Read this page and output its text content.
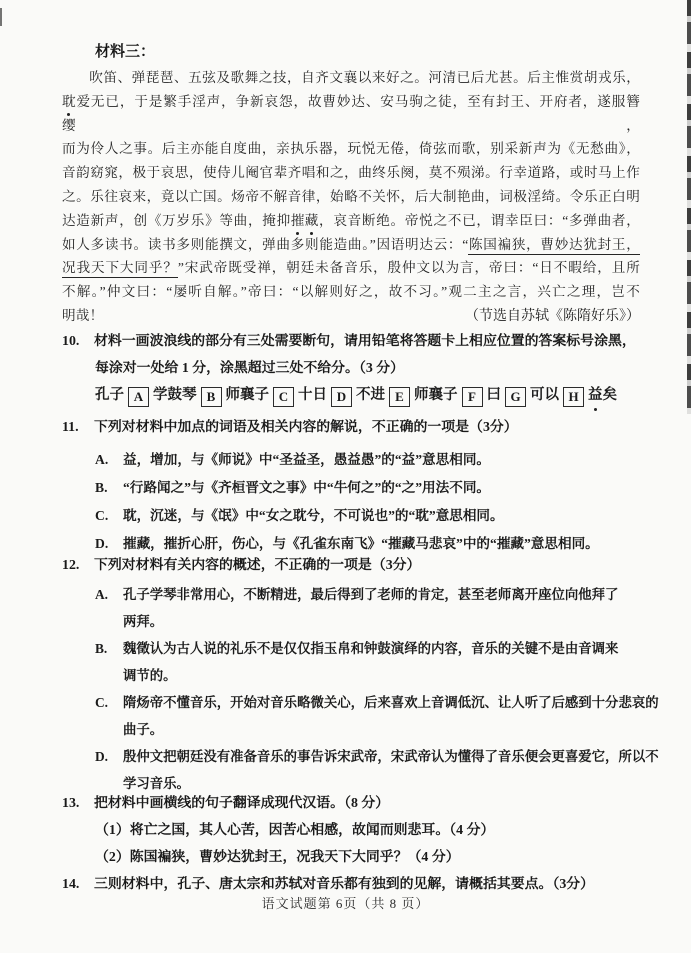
材料三：
吹笛、弹琵琶、五弦及歌舞之技，自齐文襄以来好之。河清已后尤甚。后主惟赏胡戎乐，
耽爱无已，于是繁手淫声，争新哀怨，故曹妙达、安马驹之徒，至有封王、开府者，遂服簪缨，
而为伶人之事。后主亦能自度曲，亲执乐器，玩悦无倦，倚弦而歌，别采新声为《无愁曲》，
音韵窈窕，极于哀思，使侍儿阉官辈齐唱和之，曲终乐阕，莫不殒涕。行幸道路，或时马上作
之。乐往哀来，竟以亡国。炀帝不解音律，始略不关怀，后大制艳曲，词极淫绮。令乐正白明
达造新声，创《万岁乐》等曲，掩抑摧藏，哀音断绝。帝悦之不已，谓幸臣曰：“多弹曲者，
如人多读书。读书多则能撰文，弹曲多则能造曲。”因语明达云：“陈国褊狭，曹妙达犹封王，
况我天下大同乎？”宋武帝既受禅，朝廷未备音乐，殷仲文以为言，帝曰：“日不暇给，且所
不解。”仲文曰：“屡听自解。”帝曰：“以解则好之，故不习。”观二主之言，兴亡之理，岂不
明哉！	（节选自苏轼《陈隋好乐》）
10. 材料一画波浪线的部分有三处需要断句，请用铅笔将答题卡上相应位置的答案标号涂黑，
每涂对一处给 1 分，涂黑超过三处不给分。（3 分）
孔子 A 学鼓琴 B 师襄子 C 十日 D 不进 E 师襄子 F 曰 G 可以 H 益矣
11. 下列对材料中加点的词语及相关内容的解说，不正确的一项是（3分）
A. 益，增加，与《师说》中“圣益圣，愚益愚”的“益”意思相同。
B. “行路闻之”与《齐桓晋文之事》中“牛何之”的“之”用法不同。
C. 耽，沉迷，与《氓》中“女之耽兮，不可说也”的“耽”意思相同。
D. 摧藏，摧折心肝，伤心，与《孔雀东南飞》“摧藏马悲哀”中的“摧藏”意思相同。
12. 下列对材料有关内容的概述，不正确的一项是（3分）
A. 孔子学琴非常用心，不断精进，最后得到了老师的肯定，甚至老师离开座位向他拜了
两拜。
B. 魏徵认为古人说的礼乐不是仅仅指玉帛和钟鼓演绎的内容，音乐的关键不是由音调来
调节的。
C. 隋炀帝不懂音乐，开始对音乐略微关心，后来喜欢上音调低沉、让人听了后感到十分悲哀的
曲子。
D. 殷仲文把朝廷没有准备音乐的事告诉宋武帝，宋武帝认为懂得了音乐便会更喜爱它，所以不
学习音乐。
13. 把材料中画横线的句子翻译成现代汉语。（8 分）
（1）将亡之国，其人心苦，因苦心相感，故闻而则悲耳。（4 分）
（2）陈国褊狭，曹妙达犹封王，况我天下大同乎？（4 分）
14. 三则材料中，孔子、唐太宗和苏轼对音乐都有独到的见解，请概括其要点。（3分）
语文试题第 6页（共 8 页）
